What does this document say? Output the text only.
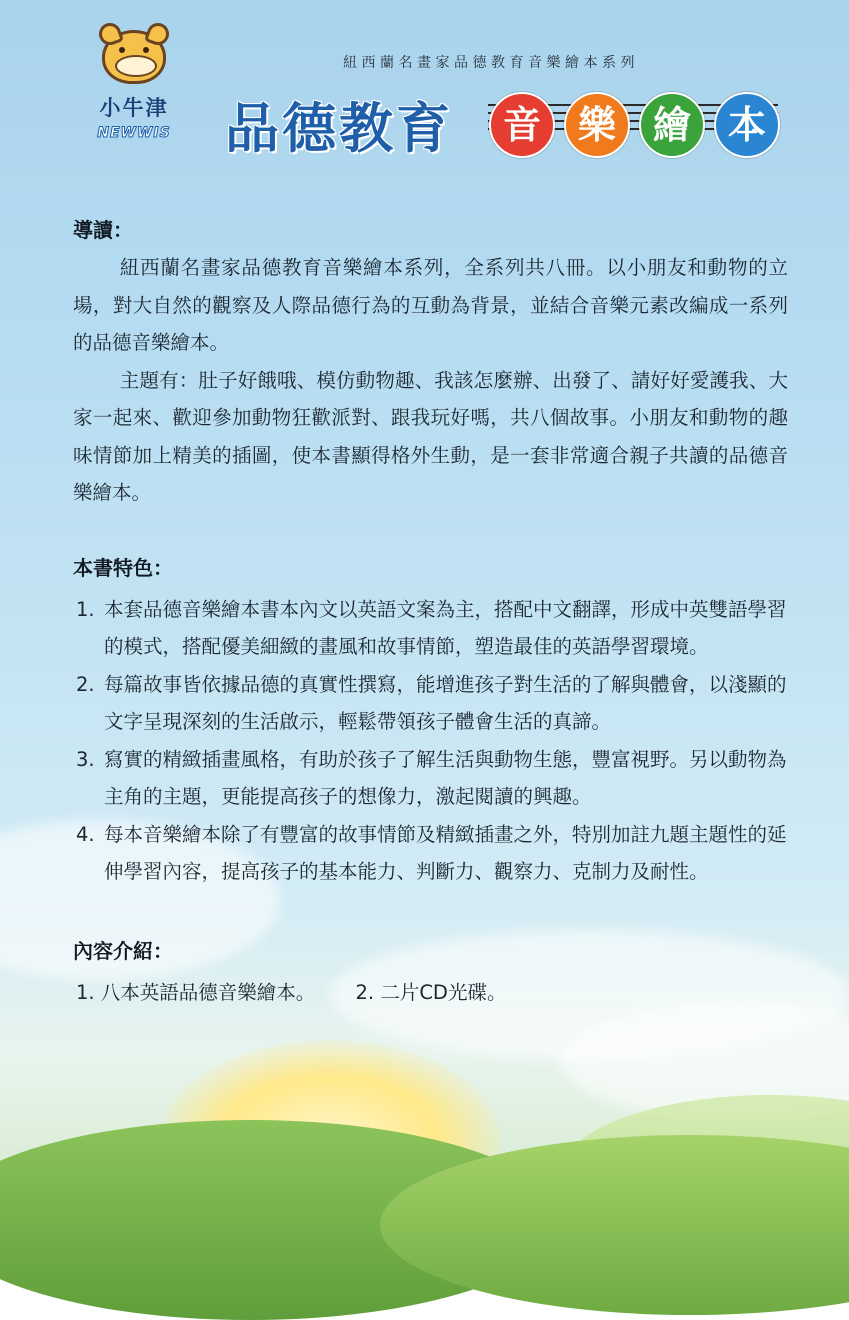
小牛津
NEWWIS
紐西蘭名畫家品德教育音樂繪本系列
品德教育	音 樂 繪 本
導讀：

紐西蘭名畫家品德教育音樂繪本系列，全系列共八冊。以小朋友和動物的立場，對大自然的觀察及人際品德行為的互動為背景，並結合音樂元素改編成一系列的品德音樂繪本。

主題有：肚子好餓哦、模仿動物趣、我該怎麼辦、出發了、請好好愛護我、大家一起來、歡迎參加動物狂歡派對、跟我玩好嗎，共八個故事。小朋友和動物的趣味情節加上精美的插圖，使本書顯得格外生動，是一套非常適合親子共讀的品德音樂繪本。

本書特色：
1. 本套品德音樂繪本書本內文以英語文案為主，搭配中文翻譯，形成中英雙語學習的模式，搭配優美細緻的畫風和故事情節，塑造最佳的英語學習環境。
2. 每篇故事皆依據品德的真實性撰寫，能增進孩子對生活的了解與體會，以淺顯的文字呈現深刻的生活啟示，輕鬆帶領孩子體會生活的真諦。
3. 寫實的精緻插畫風格，有助於孩子了解生活與動物生態，豐富視野。另以動物為主角的主題，更能提高孩子的想像力，激起閱讀的興趣。
4. 每本音樂繪本除了有豐富的故事情節及精緻插畫之外，特別加註九題主題性的延伸學習內容，提高孩子的基本能力、判斷力、觀察力、克制力及耐性。
內容介紹：
1. 八本英語品德音樂繪本。 2. 二片CD光碟。
